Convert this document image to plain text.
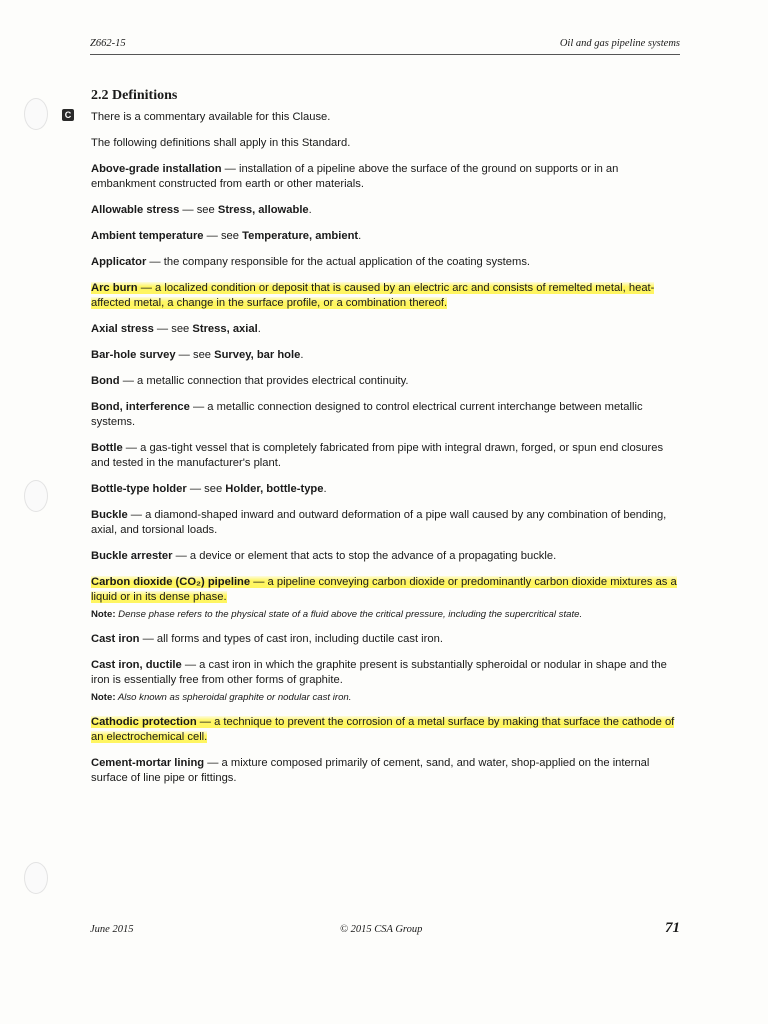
Z662-15	Oil and gas pipeline systems
C
2.2 Definitions

There is a commentary available for this Clause.

The following definitions shall apply in this Standard.

Above-grade installation — installation of a pipeline above the surface of the ground on supports or in an embankment constructed from earth or other materials.

Allowable stress — see Stress, allowable.

Ambient temperature — see Temperature, ambient.

Applicator — the company responsible for the actual application of the coating systems.

Arc burn — a localized condition or deposit that is caused by an electric arc and consists of remelted metal, heat-affected metal, a change in the surface profile, or a combination thereof.

Axial stress — see Stress, axial.

Bar-hole survey — see Survey, bar hole.

Bond — a metallic connection that provides electrical continuity.

Bond, interference — a metallic connection designed to control electrical current interchange between metallic systems.

Bottle — a gas-tight vessel that is completely fabricated from pipe with integral drawn, forged, or spun end closures and tested in the manufacturer's plant.

Bottle-type holder — see Holder, bottle-type.

Buckle — a diamond-shaped inward and outward deformation of a pipe wall caused by any combination of bending, axial, and torsional loads.

Buckle arrester — a device or element that acts to stop the advance of a propagating buckle.

Carbon dioxide (CO₂) pipeline — a pipeline conveying carbon dioxide or predominantly carbon dioxide mixtures as a liquid or in its dense phase.

Note: Dense phase refers to the physical state of a fluid above the critical pressure, including the supercritical state.

Cast iron — all forms and types of cast iron, including ductile cast iron.

Cast iron, ductile — a cast iron in which the graphite present is substantially spheroidal or nodular in shape and the iron is essentially free from other forms of graphite.

Note: Also known as spheroidal graphite or nodular cast iron.

Cathodic protection — a technique to prevent the corrosion of a metal surface by making that surface the cathode of an electrochemical cell.

Cement-mortar lining — a mixture composed primarily of cement, sand, and water, shop-applied on the internal surface of line pipe or fittings.

June 2015	© 2015 CSA Group	71
